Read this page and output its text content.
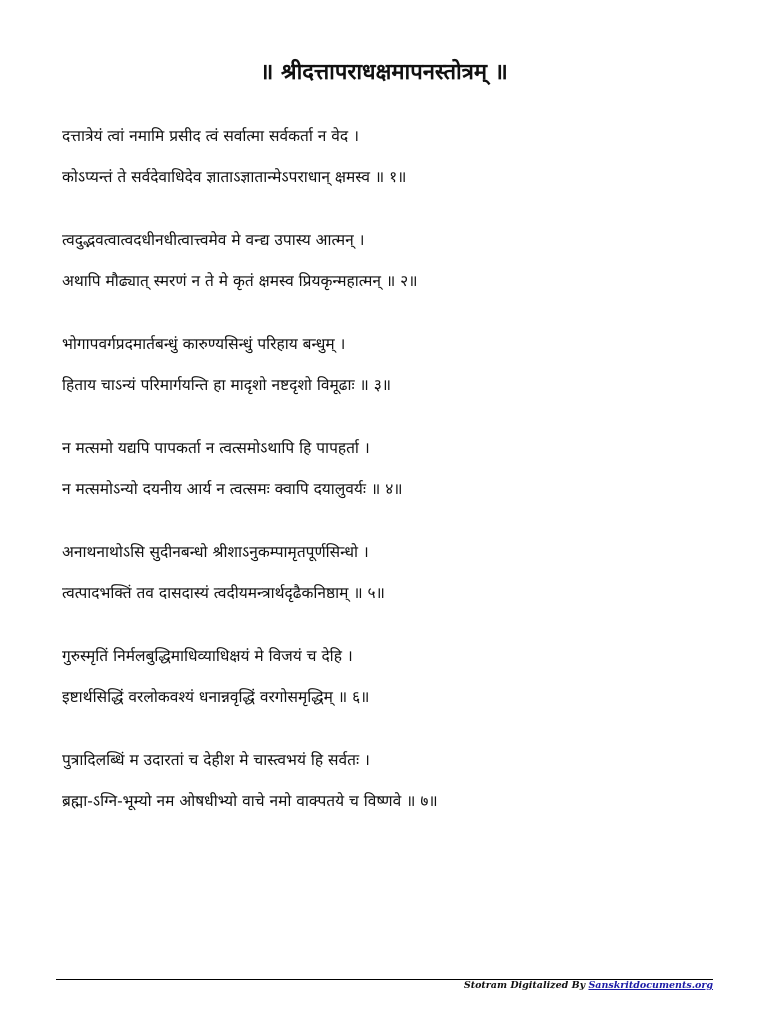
॥ श्रीदत्तापराधक्षमापनस्तोत्रम् ॥
दत्तात्रेयं त्वां नमामि प्रसीद त्वं सर्वात्मा सर्वकर्ता न वेद ।
कोऽप्यन्तं ते सर्वदेवाधिदेव ज्ञाताऽज्ञातान्मेऽपराधान् क्षमस्व ॥ १॥
त्वदुद्भवत्वात्वदधीनधीत्वात्त्वमेव मे वन्द्य उपास्य आत्मन् ।
अथापि मौढ्यात् स्मरणं न ते मे कृतं क्षमस्व प्रियकृन्महात्मन् ॥ २॥
भोगापवर्गप्रदमार्तबन्धुं कारुण्यसिन्धुं परिहाय बन्धुम् ।
हिताय चाऽन्यं परिमार्गयन्ति हा मादृशो नष्टदृशो विमूढाः ॥ ३॥
न मत्समो यद्यपि पापकर्ता न त्वत्समोऽथापि हि पापहर्ता ।
न मत्समोऽन्यो दयनीय आर्य न त्वत्समः क्वापि दयालुवर्यः ॥ ४॥
अनाथनाथोऽसि सुदीनबन्धो श्रीशाऽनुकम्पामृतपूर्णसिन्धो ।
त्वत्पादभक्तिं तव दासदास्यं त्वदीयमन्त्रार्थदृढैकनिष्ठाम् ॥ ५॥
गुरुस्मृतिं निर्मलबुद्धिमाधिव्याधिक्षयं मे विजयं च देहि ।
इष्टार्थसिद्धिं वरलोकवश्यं धनान्नवृद्धिं वरगोसमृद्धिम् ॥ ६॥
पुत्रादिलब्धिं म उदारतां च देहीश मे चास्त्वभयं हि सर्वतः ।
ब्रह्मा-ऽग्नि-भूम्यो नम ओषधीभ्यो वाचे नमो वाक्पतये च विष्णवे ॥ ७॥
Stotram Digitalized By Sanskritdocuments.org
